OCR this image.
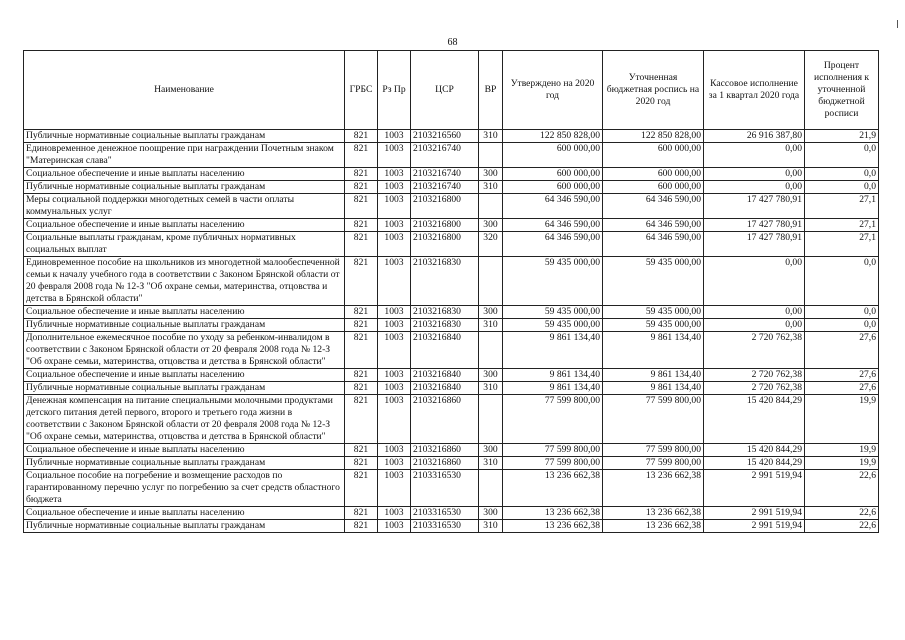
68
Наименование	ГРБС	Рз Пр	ЦСР	ВР	Утверждено на 2020 год	Уточненная бюджетная роспись на 2020 год	Кассовое исполнение за 1 квартал 2020 года	Процент исполнения к уточненной бюджетной росписи
Публичные нормативные социальные выплаты гражданам	821	1003	2103216560	310	122 850 828,00	122 850 828,00	26 916 387,80	21,9
Единовременное денежное поощрение при награждении Почетным знаком "Материнская слава"	821	1003	2103216740		600 000,00	600 000,00	0,00	0,0
Социальное обеспечение и иные выплаты населению	821	1003	2103216740	300	600 000,00	600 000,00	0,00	0,0
Публичные нормативные социальные выплаты гражданам	821	1003	2103216740	310	600 000,00	600 000,00	0,00	0,0
Меры социальной поддержки многодетных семей в части оплаты коммунальных услуг	821	1003	2103216800		64 346 590,00	64 346 590,00	17 427 780,91	27,1
Социальное обеспечение и иные выплаты населению	821	1003	2103216800	300	64 346 590,00	64 346 590,00	17 427 780,91	27,1
Социальные выплаты гражданам, кроме публичных нормативных социальных выплат	821	1003	2103216800	320	64 346 590,00	64 346 590,00	17 427 780,91	27,1
Единовременное пособие на школьников из многодетной малообеспеченной семьи к началу учебного года в соответствии с Законом Брянской области от 20 февраля 2008 года № 12-З "Об охране семьи, материнства, отцовства и детства в Брянской области"	821	1003	2103216830		59 435 000,00	59 435 000,00	0,00	0,0
Социальное обеспечение и иные выплаты населению	821	1003	2103216830	300	59 435 000,00	59 435 000,00	0,00	0,0
Публичные нормативные социальные выплаты гражданам	821	1003	2103216830	310	59 435 000,00	59 435 000,00	0,00	0,0
Дополнительное ежемесячное пособие по уходу за ребенком-инвалидом в соответствии с Законом Брянской области от 20 февраля 2008 года № 12-З "Об охране семьи, материнства, отцовства и детства в Брянской области"	821	1003	2103216840		9 861 134,40	9 861 134,40	2 720 762,38	27,6
Социальное обеспечение и иные выплаты населению	821	1003	2103216840	300	9 861 134,40	9 861 134,40	2 720 762,38	27,6
Публичные нормативные социальные выплаты гражданам	821	1003	2103216840	310	9 861 134,40	9 861 134,40	2 720 762,38	27,6
Денежная компенсация на питание специальными молочными продуктами детского питания детей первого, второго и третьего года жизни в соответствии с Законом Брянской области от 20 февраля 2008 года № 12-З "Об охране семьи, материнства, отцовства и детства в Брянской области"	821	1003	2103216860		77 599 800,00	77 599 800,00	15 420 844,29	19,9
Социальное обеспечение и иные выплаты населению	821	1003	2103216860	300	77 599 800,00	77 599 800,00	15 420 844,29	19,9
Публичные нормативные социальные выплаты гражданам	821	1003	2103216860	310	77 599 800,00	77 599 800,00	15 420 844,29	19,9
Социальное пособие на погребение и возмещение расходов по гарантированному перечню услуг по погребению за счет средств областного бюджета	821	1003	2103316530		13 236 662,38	13 236 662,38	2 991 519,94	22,6
Социальное обеспечение и иные выплаты населению	821	1003	2103316530	300	13 236 662,38	13 236 662,38	2 991 519,94	22,6
Публичные нормативные социальные выплаты гражданам	821	1003	2103316530	310	13 236 662,38	13 236 662,38	2 991 519,94	22,6
